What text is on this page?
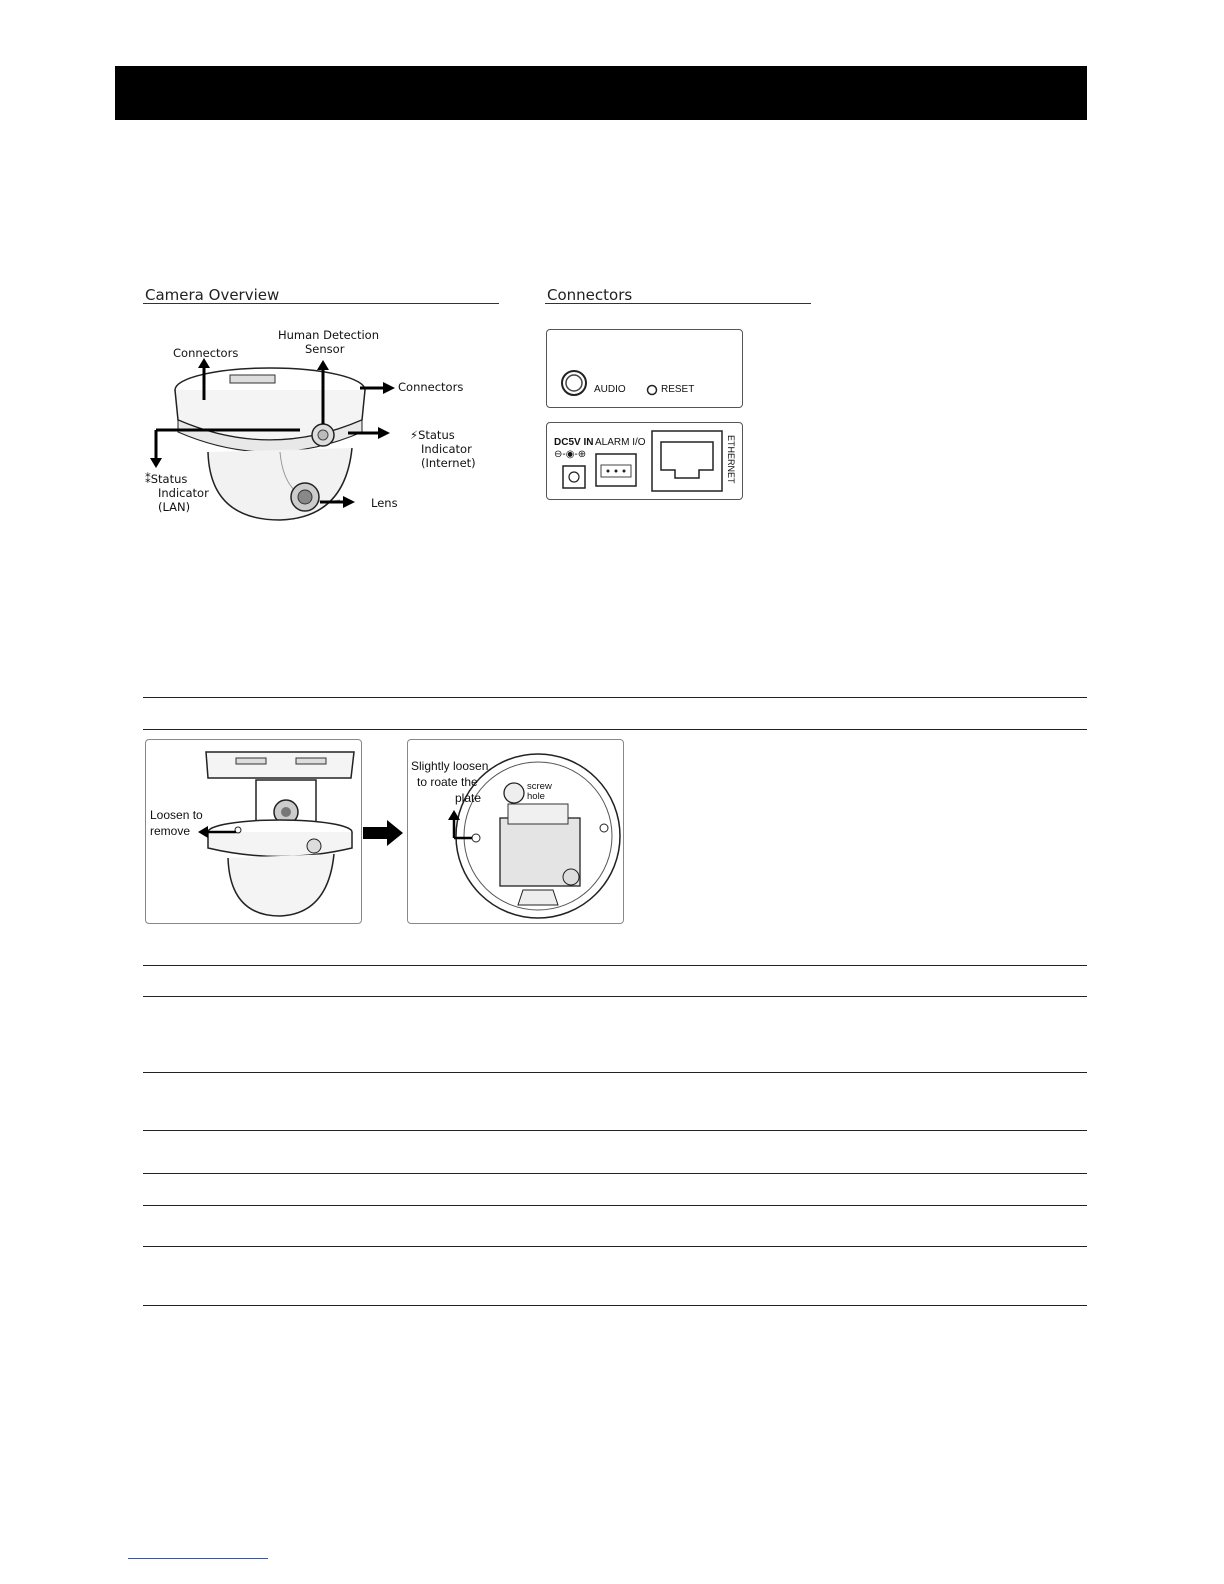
Camera Overview	Connectors
Connectors
Human Detection
Sensor
Connectors
⚡Status
Indicator
(Internet)
⁑Status
Indicator
(LAN)	Lens
AUDIO	RESET
DC5V IN
⊖-◉-⊕
ALARM I/O	ETHERNET
Loosen to
remove
Slightly loosen
to roate the
plate
screw
hole
